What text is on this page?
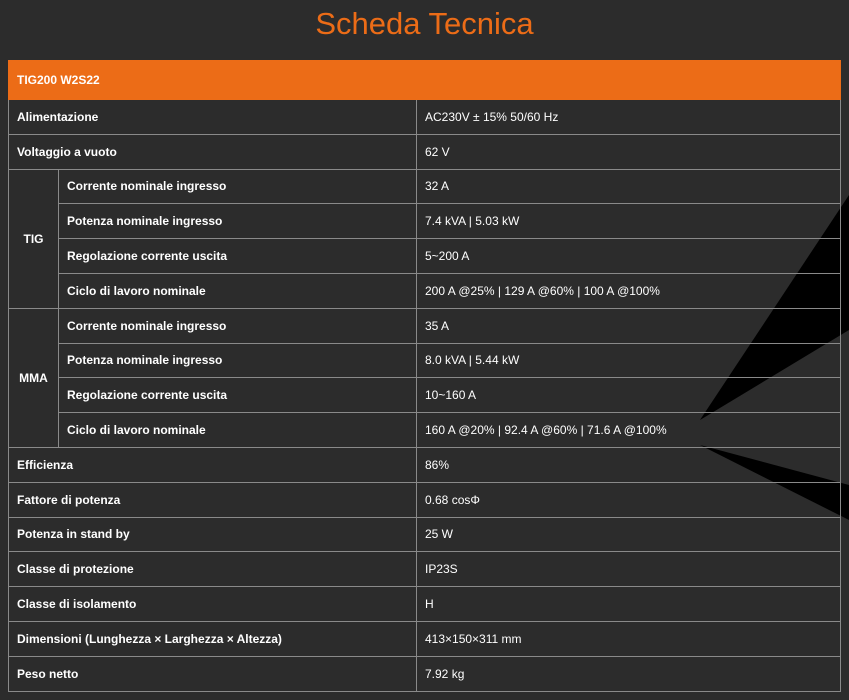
Scheda Tecnica
TIG200 W2S22		
Alimentazione		AC230V ± 15% 50/60 Hz
Voltaggio a vuoto		62 V
TIG	Corrente nominale ingresso	32 A
	Potenza nominale ingresso	7.4 kVA | 5.03 kW
	Regolazione corrente uscita	5~200 A
	Ciclo di lavoro nominale	200 A @25% | 129 A @60% | 100 A @100%
MMA	Corrente nominale ingresso	35 A
	Potenza nominale ingresso	8.0 kVA | 5.44 kW
	Regolazione corrente uscita	10~160 A
	Ciclo di lavoro nominale	160 A @20% | 92.4 A @60% | 71.6 A @100%
Efficienza		86%
Fattore di potenza		0.68 cosΦ
Potenza in stand by		25 W
Classe di protezione		IP23S
Classe di isolamento		H
Dimensioni (Lunghezza × Larghezza × Altezza)		413×150×311 mm
Peso netto		7.92 kg
